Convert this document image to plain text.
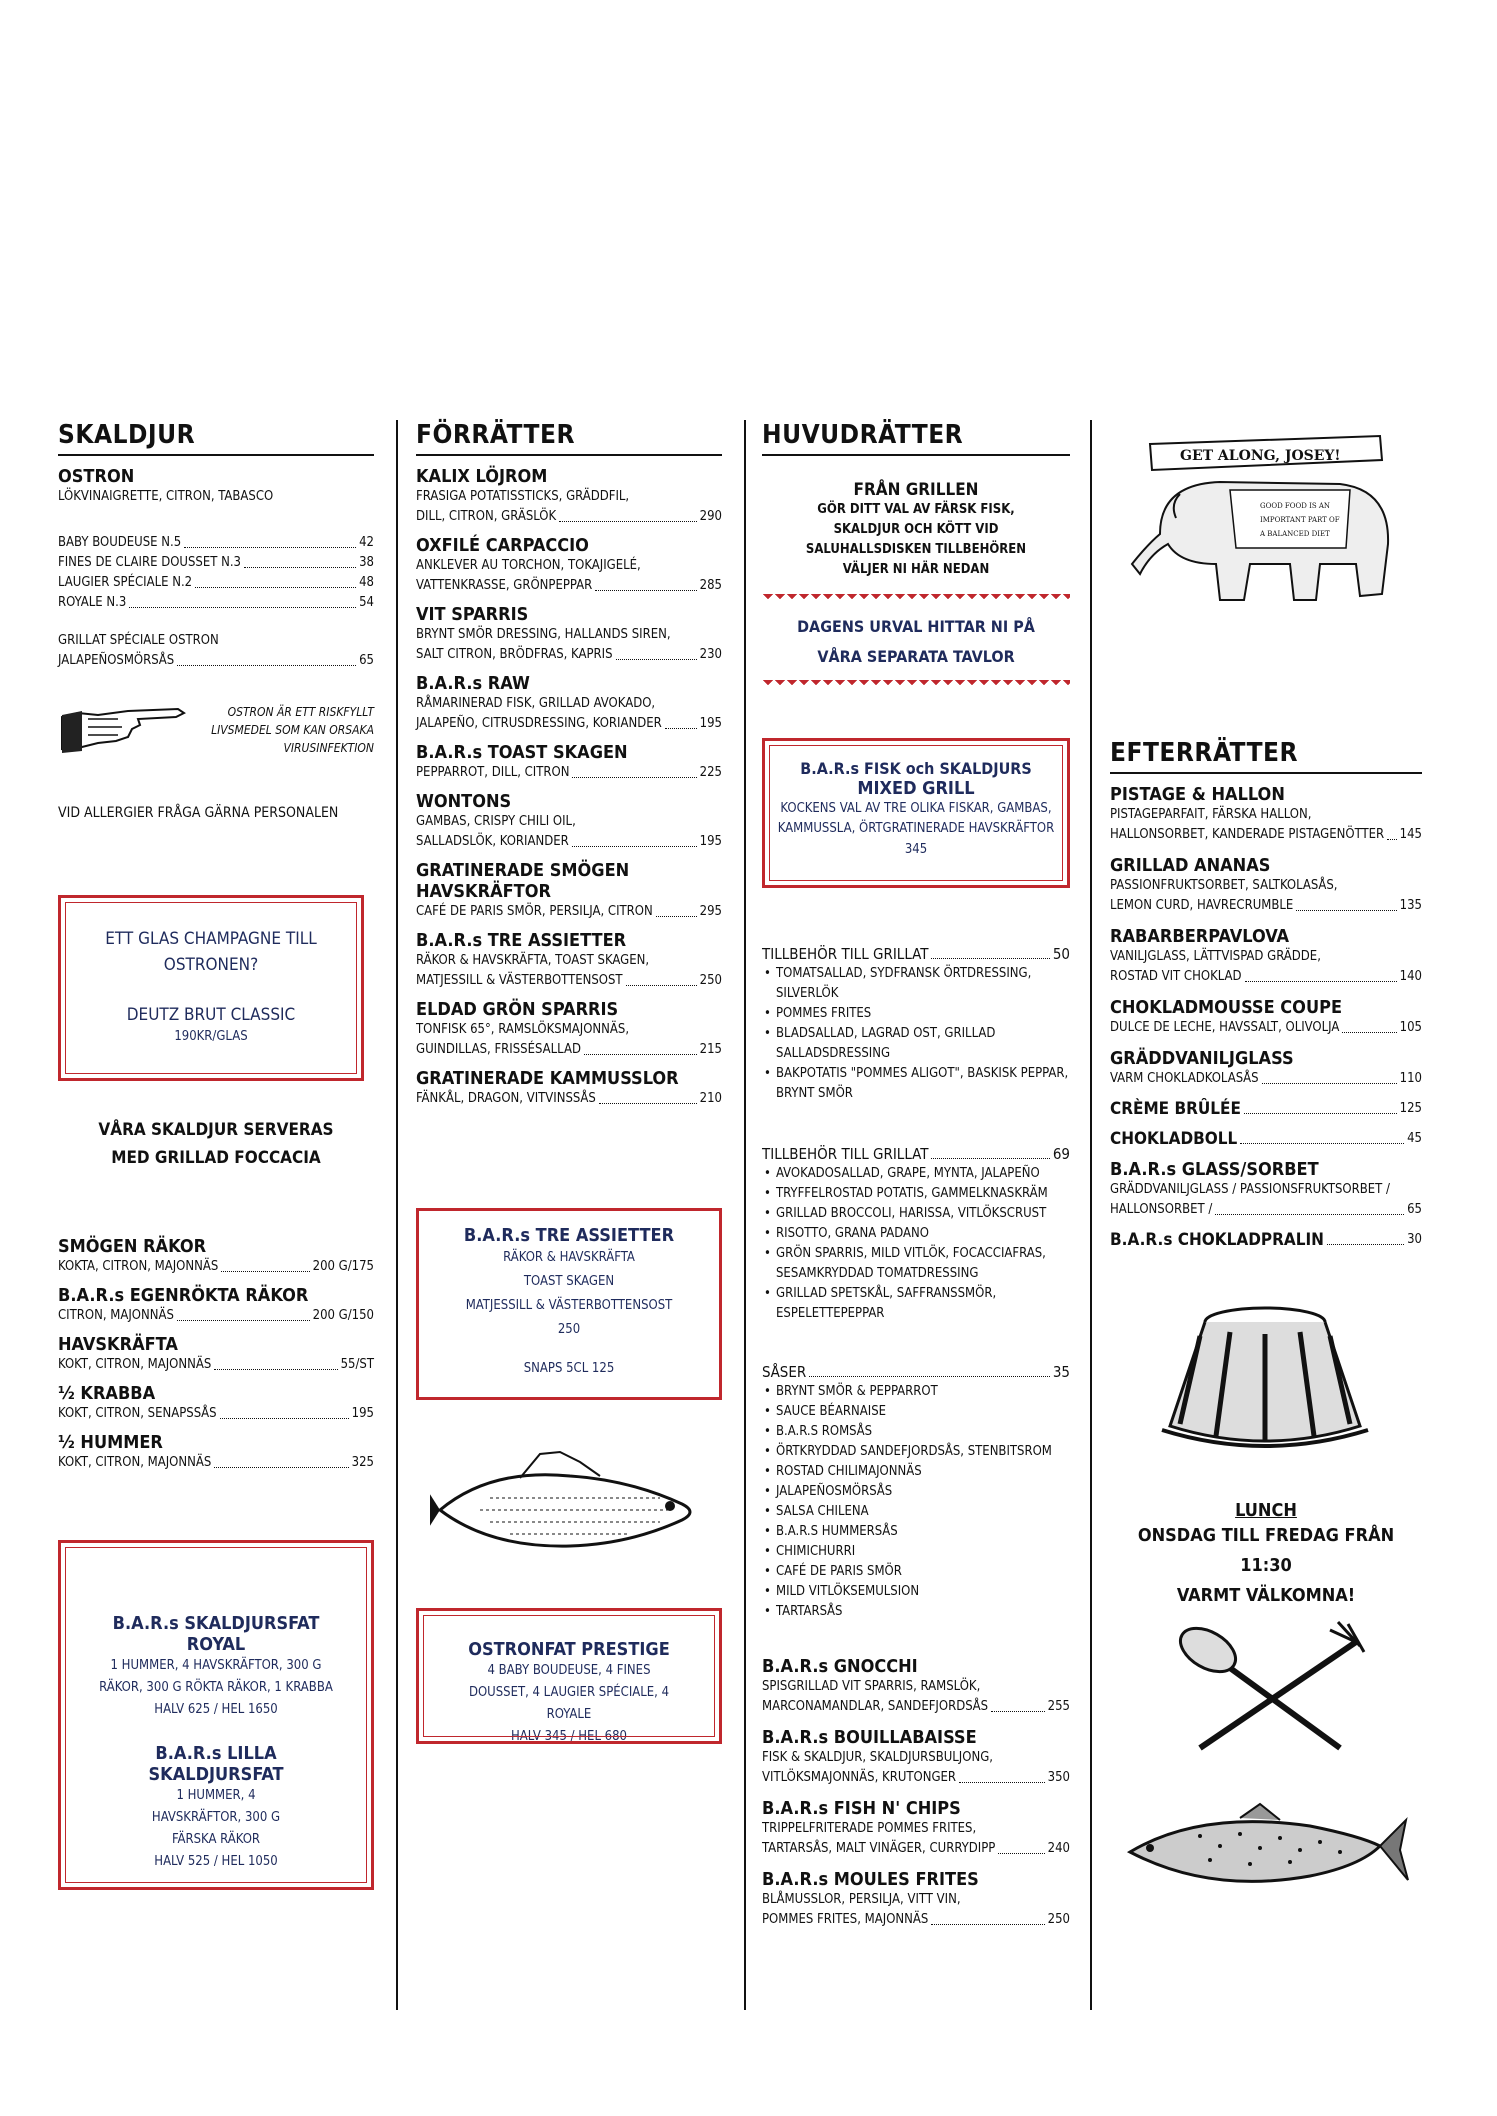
SKALDJUR
OSTRON
LÖKVINAIGRETTE, CITRON, TABASCO
BABY BOUDEUSE N.5	42
FINES DE CLAIRE DOUSSET N.3	38
LAUGIER SPÉCIALE N.2	48
ROYALE N.3	54
GRILLAT SPÉCIALE OSTRON
JALAPEÑOSMÖRSÅS	65
OSTRON ÄR ETT RISKFYLLT LIVSMEDEL SOM KAN ORSAKA VIRUSINFEKTION
VID ALLERGIER FRÅGA GÄRNA PERSONALEN
ETT GLAS CHAMPAGNE TILL OSTRONEN?
DEUTZ BRUT CLASSIC
190KR/GLAS
VÅRA SKALDJUR SERVERAS MED GRILLAD FOCCACIA
SMÖGEN RÄKOR
KOKTA, CITRON, MAJONNÄS	200 G/175
B.A.R.s EGENRÖKTA RÄKOR
CITRON, MAJONNÄS	200 G/150
HAVSKRÄFTA
KOKT, CITRON, MAJONNÄS	55/ST
½ KRABBA
KOKT, CITRON, SENAPSSÅS	195
½ HUMMER
KOKT, CITRON, MAJONNÄS	325
B.A.R.s SKALDJURSFAT ROYAL
1 HUMMER, 4 HAVSKRÄFTOR, 300 G RÄKOR, 300 G RÖKTA RÄKOR, 1 KRABBA
HALV 625 / HEL 1650
B.A.R.s LILLA SKALDJURSFAT
1 HUMMER, 4 HAVSKRÄFTOR, 300 G FÄRSKA RÄKOR
HALV 525 / HEL 1050
FÖRRÄTTER
KALIX LÖJROM
FRASIGA POTATISSTICKS, GRÄDDFIL,
DILL, CITRON, GRÄSLÖK	290
OXFILÉ CARPACCIO
ANKLEVER AU TORCHON, TOKAJIGELÉ,
VATTENKRASSE, GRÖNPEPPAR	285
VIT SPARRIS
BRYNT SMÖR DRESSING, HALLANDS SIREN,
SALT CITRON, BRÖDFRAS, KAPRIS	230
B.A.R.s RAW
RÅMARINERAD FISK, GRILLAD AVOKADO,
JALAPEÑO, CITRUSDRESSING, KORIANDER	195
B.A.R.s TOAST SKAGEN
PEPPARROT, DILL, CITRON	225
WONTONS
GAMBAS, CRISPY CHILI OIL,
SALLADSLÖK, KORIANDER	195
GRATINERADE SMÖGEN HAVSKRÄFTOR
CAFÉ DE PARIS SMÖR, PERSILJA, CITRON	295
B.A.R.s TRE ASSIETTER
RÄKOR & HAVSKRÄFTA, TOAST SKAGEN,
MATJESSILL & VÄSTERBOTTENSOST	250
ELDAD GRÖN SPARRIS
TONFISK 65°, RAMSLÖKSMAJONNÄS,
GUINDILLAS, FRISSÉSALLAD	215
GRATINERADE KAMMUSSLOR
FÄNKÅL, DRAGON, VITVINSSÅS	210
B.A.R.s TRE ASSIETTER
RÄKOR & HAVSKRÄFTA
TOAST SKAGEN
MATJESSILL & VÄSTERBOTTENSOST
250
SNAPS 5CL 125
OSTRONFAT PRESTIGE
4 BABY BOUDEUSE, 4 FINES DOUSSET, 4 LAUGIER SPÉCIALE, 4 ROYALE
HALV 345 / HEL 680
HUVUDRÄTTER
FRÅN GRILLEN
GÖR DITT VAL AV FÄRSK FISK, SKALDJUR OCH KÖTT VID SALUHALLSDISKEN TILLBEHÖREN VÄLJER NI HÄR NEDAN
DAGENS URVAL HITTAR NI PÅ VÅRA SEPARATA TAVLOR
B.A.R.s FISK och SKALDJURS
MIXED GRILL
KOCKENS VAL AV TRE OLIKA FISKAR, GAMBAS, KAMMUSSLA, ÖRTGRATINERADE HAVSKRÄFTOR
345
TILLBEHÖR TILL GRILLAT	50
• TOMATSALLAD, SYDFRANSK ÖRTDRESSING, SILVERLÖK
• POMMES FRITES
• BLADSALLAD, LAGRAD OST, GRILLAD SALLADSDRESSING
• BAKPOTATIS "POMMES ALIGOT", BASKISK PEPPAR, BRYNT SMÖR
TILLBEHÖR TILL GRILLAT	69
• AVOKADOSALLAD, GRAPE, MYNTA, JALAPEÑO
• TRYFFELROSTAD POTATIS, GAMMELKNASKRÄM
• GRILLAD BROCCOLI, HARISSA, VITLÖKSCRUST
• RISOTTO, GRANA PADANO
• GRÖN SPARRIS, MILD VITLÖK, FOCACCIAFRAS, SESAMKRYDDAD TOMATDRESSING
• GRILLAD SPETSKÅL, SAFFRANSSMÖR, ESPELETTEPEPPAR
SÅSER	35
• BRYNT SMÖR & PEPPARROT
• SAUCE BÉARNAISE
• B.A.R.S ROMSÅS
• ÖRTKRYDDAD SANDEFJORDSÅS, STENBITSROM
• ROSTAD CHILIMAJONNÄS
• JALAPEÑOSMÖRSÅS
• SALSA CHILENA
• B.A.R.S HUMMERSÅS
• CHIMICHURRI
• CAFÉ DE PARIS SMÖR
• MILD VITLÖKSEMULSION
• TARTARSÅS
B.A.R.s GNOCCHI
SPISGRILLAD VIT SPARRIS, RAMSLÖK,
MARCONAMANDLAR, SANDEFJORDSÅS	255
B.A.R.s BOUILLABAISSE
FISK & SKALDJUR, SKALDJURSBULJONG,
VITLÖKSMAJONNÄS, KRUTONGER	350
B.A.R.s FISH N' CHIPS
TRIPPELFRITERADE POMMES FRITES,
TARTARSÅS, MALT VINÄGER, CURRYDIPP	240
B.A.R.s MOULES FRITES
BLÅMUSSLOR, PERSILJA, VITT VIN,
POMMES FRITES, MAJONNÄS	250
GET ALONG, JOSEY!
GOOD FOOD IS AN
IMPORTANT PART OF
A BALANCED DIET
EFTERRÄTTER
PISTAGE & HALLON
PISTAGEPARFAIT, FÄRSKA HALLON,
HALLONSORBET, KANDERADE PISTAGENÖTTER 145
GRILLAD ANANAS
PASSIONFRUKTSORBET, SALTKOLASÅS,
LEMON CURD, HAVRECRUMBLE	135
RABARBERPAVLOVA
VANILJGLASS, LÄTTVISPAD GRÄDDE,
ROSTAD VIT CHOKLAD	140
CHOKLADMOUSSE COUPE
DULCE DE LECHE, HAVSSALT, OLIVOLJA	105
GRÄDDVANILJGLASS
VARM CHOKLADKOLASÅS	110
CRÈME BRÛLÉE	125
CHOKLADBOLL	45
B.A.R.s GLASS/SORBET
GRÄDDVANILJGLASS / PASSIONSFRUKTSORBET /
HALLONSORBET /	65
B.A.R.s CHOKLADPRALIN	30
LUNCH
ONSDAG TILL FREDAG FRÅN 11:30
VARMT VÄLKOMNA!
